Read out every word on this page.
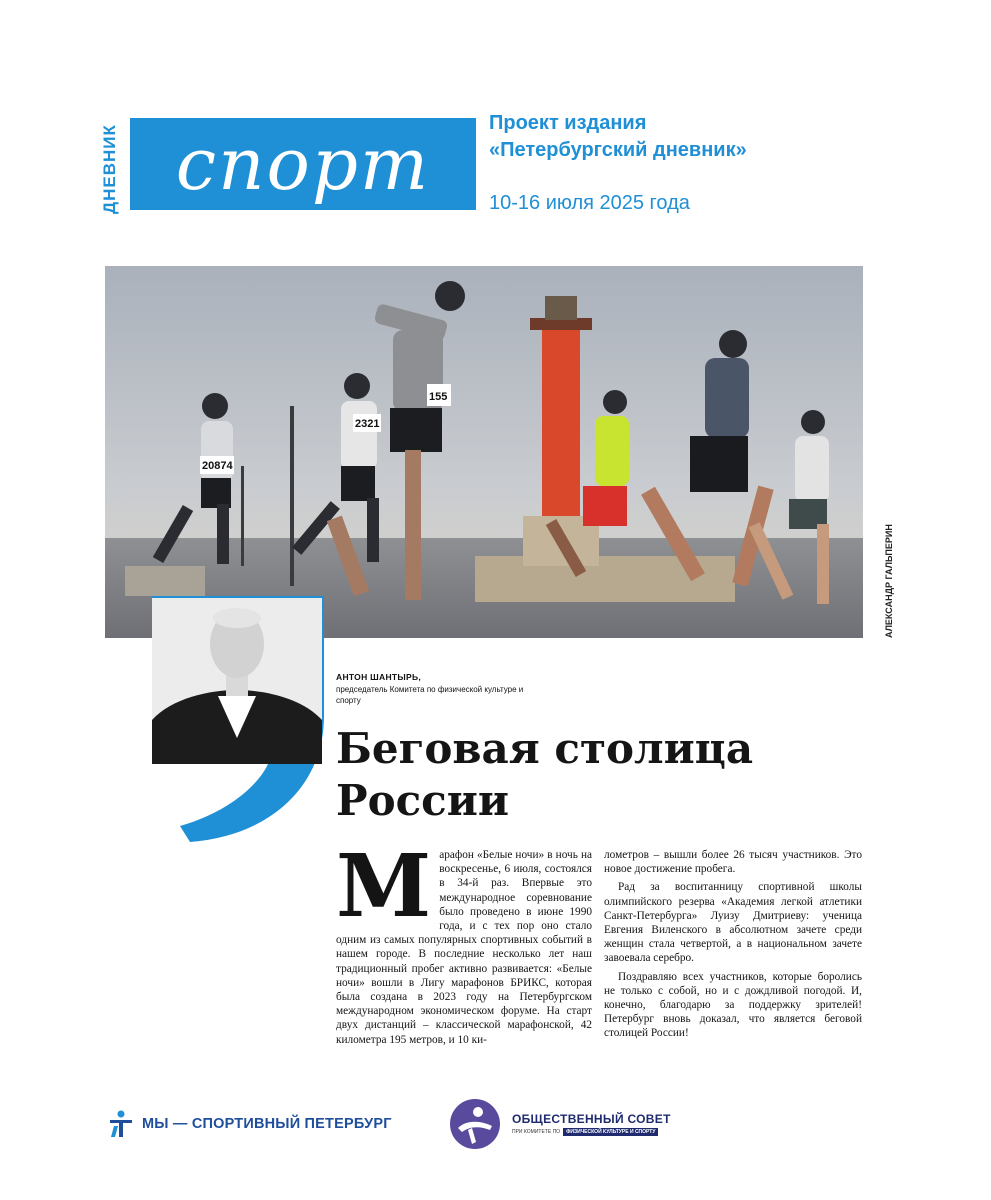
ДНЕВНИК спорт	Проект издания
«Петербургский дневник»
10-16 июля 2025 года
20874
2321
155
АЛЕКСАНДР ГАЛЬПЕРИН
АНТОН ШАНТЫРЬ,
председатель Комитета по физической культуре и спорту
Беговая столица
России
М арафон «Белые ночи» в ночь на воскресенье, 6 июля, состоялся в 34-й раз. Впервые это международное соревнование было проведено в июне 1990 года, и с тех пор оно стало одним из самых популярных спортивных событий в нашем городе. В последние несколько лет наш традиционный пробег активно развивается: «Белые ночи» вошли в Лигу марафонов БРИКС, которая была создана в 2023 году на Петербургском международном экономическом форуме. На старт двух дистанций – классической марафонской, 42 километра 195 метров, и 10 ки-

лометров – вышли более 26 тысяч участников. Это новое достижение пробега.

Рад за воспитанницу спортивной школы олимпийского резерва «Академия легкой атлетики Санкт-Петербурга» Луизу Дмитриеву: ученица Евгения Виленского в абсолютном зачете среди женщин стала четвертой, а в национальном зачете завоевала серебро.

Поздравляю всех участников, которые боролись не только с собой, но и с дождливой погодой. И, конечно, благодарю за поддержку зрителей! Петербург вновь доказал, что является беговой столицей России!

МЫ — СПОРТИВНЫЙ ПЕТЕРБУРГ	ОБЩЕСТВЕННЫЙ СОВЕТ
ПРИ КОМИТЕТЕ ПО	ФИЗИЧЕСКОЙ КУЛЬТУРЕ И СПОРТУ
